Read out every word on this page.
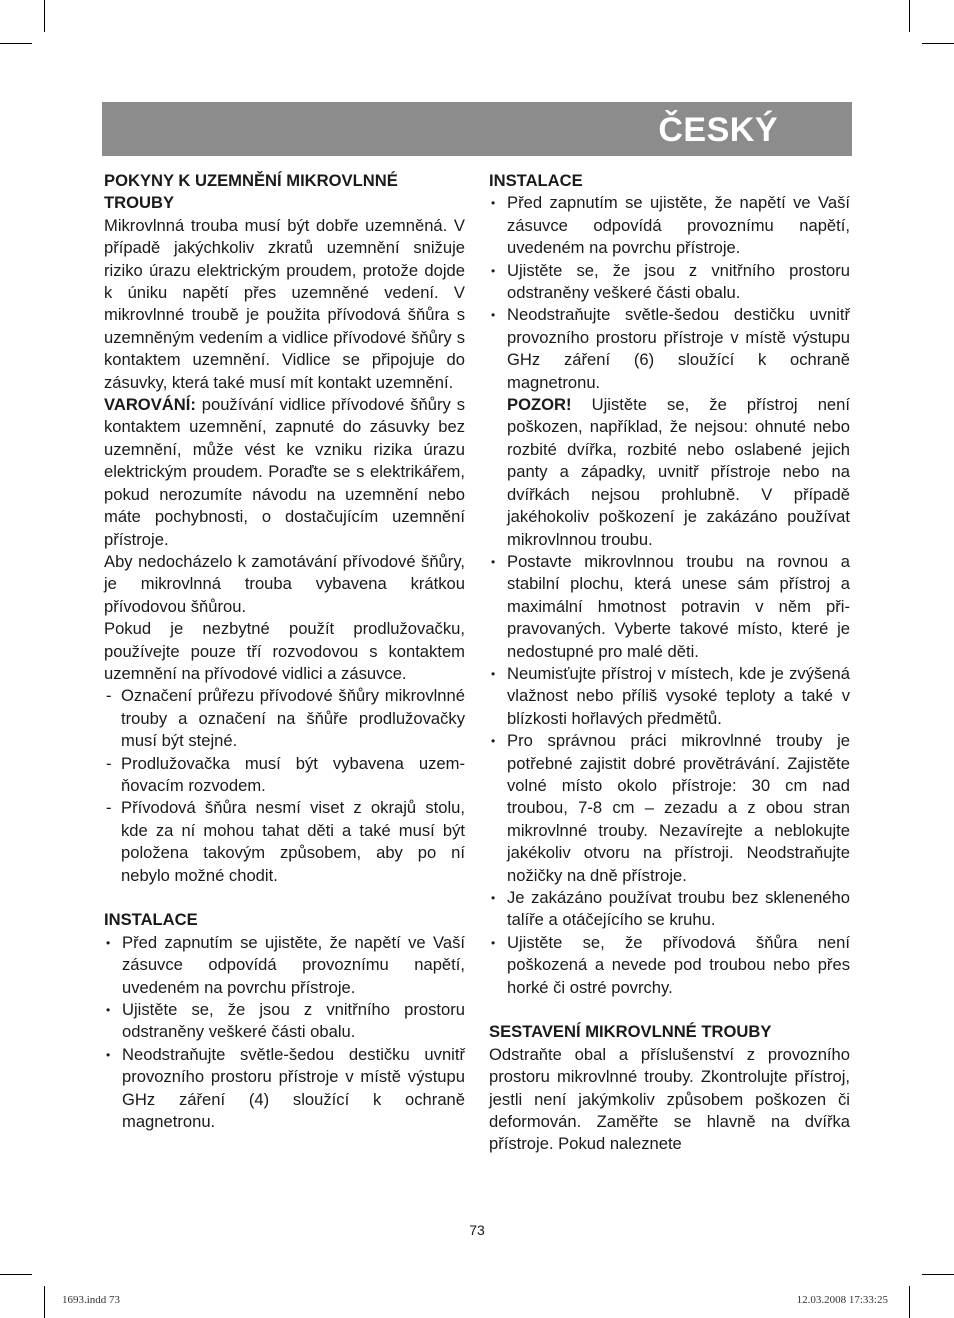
ČESKÝ

POKYNY K UZEMNĚNÍ MIKROVLNNÉ TROUBY

Mikrovlnná trouba musí být dobře uzemněná. V případě jakýchkoliv zkratů uzemnění snižuje riziko úrazu elektrickým proudem, protože dojde k úniku napětí přes uzemněné vedení. V mikrovlnné troubě je použita přívodová šňůra s uzemněným vedením a vidlice přívodové šňůry s kontaktem uzemnění. Vidlice se připojuje do zásuvky, která také musí mít kontakt uzemnění.

VAROVÁNÍ: používání vidlice přívodové šňůry s kontaktem uzemnění, zapnuté do zásuvky bez uzemnění, může vést ke vzniku rizika úrazu elektrickým proudem. Poraďte se s elektrikářem, pokud nerozumíte návodu na uzemnění nebo máte pochybnosti, o dostačujícím uzemnění přístroje.

Aby nedocházelo k zamotávání přívodové šňůry, je mikrovlnná trouba vybavena krátkou přívodovou šňůrou.

Pokud je nezbytné použít prodlužovačku, používejte pouze tří rozvodovou s kontaktem uzemnění na přívodové vidlici a zásuvce.

- Označení průřezu přívodové šňůry mikrovlnné trouby a označení na šňůře prodlužovačky musí být stejné.
- Prodlužovačka musí být vybavena uzemňovacím rozvodem.
- Přívodová šňůra nesmí viset z okrajů stolu, kde za ní mohou tahat děti a také musí být položena takovým způsobem, aby po ní nebylo možné chodit.

INSTALACE

• Před zapnutím se ujistěte, že napětí ve Vaší zásuvce odpovídá provoznímu napětí, uvedeném na povrchu přístroje.
• Ujistěte se, že jsou z vnitřního prostoru odstraněny veškeré části obalu.
• Neodstraňujte světle-šedou destičku uvnitř provozního prostoru přístroje v místě výstupu GHz záření (4) sloužící k ochraně magnetronu.

INSTALACE

• Před zapnutím se ujistěte, že napětí ve Vaší zásuvce odpovídá provoznímu napětí, uvedeném na povrchu přístroje.
• Ujistěte se, že jsou z vnitřního prostoru odstraněny veškeré části obalu.
• Neodstraňujte světle-šedou destičku uvnitř provozního prostoru přístroje v místě výstupu GHz záření (6) sloužící k ochraně magnetronu.
POZOR! Ujistěte se, že přístroj není poškozen, například, že nejsou: ohnuté nebo rozbité dvířka, rozbité nebo oslabené jejich panty a západky, uvnitř přístroje nebo na dvířkách nejsou prohlubně. V případě jakéhokoliv poškození je zakázáno používat mikrovlnnou troubu.
• Postavte mikrovlnnou troubu na rovnou a stabilní plochu, která unese sám přístroj a maximální hmotnost potravin v něm připravovaných. Vyberte takové místo, které je nedostupné pro malé děti.
• Neumisťujte přístroj v místech, kde je zvýšená vlažnost nebo příliš vysoké teploty a také v blízkosti hořlavých předmětů.
• Pro správnou práci mikrovlnné trouby je potřebné zajistit dobré provětrávání. Zajistěte volné místo okolo přístroje: 30 cm nad troubou, 7-8 cm – zezadu a z obou stran mikrovlnné trouby. Nezavírejte a neblokujte jakékoliv otvoru na přístroji. Neodstraňujte nožičky na dně přístroje.
• Je zakázáno používat troubu bez skleneného talíře a otáčejícího se kruhu.
• Ujistěte se, že přívodová šňůra není poškozená a nevede pod troubou nebo přes horké či ostré povrchy.

SESTAVENÍ MIKROVLNNÉ TROUBY

Odstraňte obal a příslušenství z provozního prostoru mikrovlnné trouby. Zkontrolujte přístroj, jestli není jakýmkoliv způsobem poškozen či deformován. Zaměřte se hlavně na dvířka přístroje. Pokud naleznete

73
1693.indd 73	12.03.2008 17:33:25
